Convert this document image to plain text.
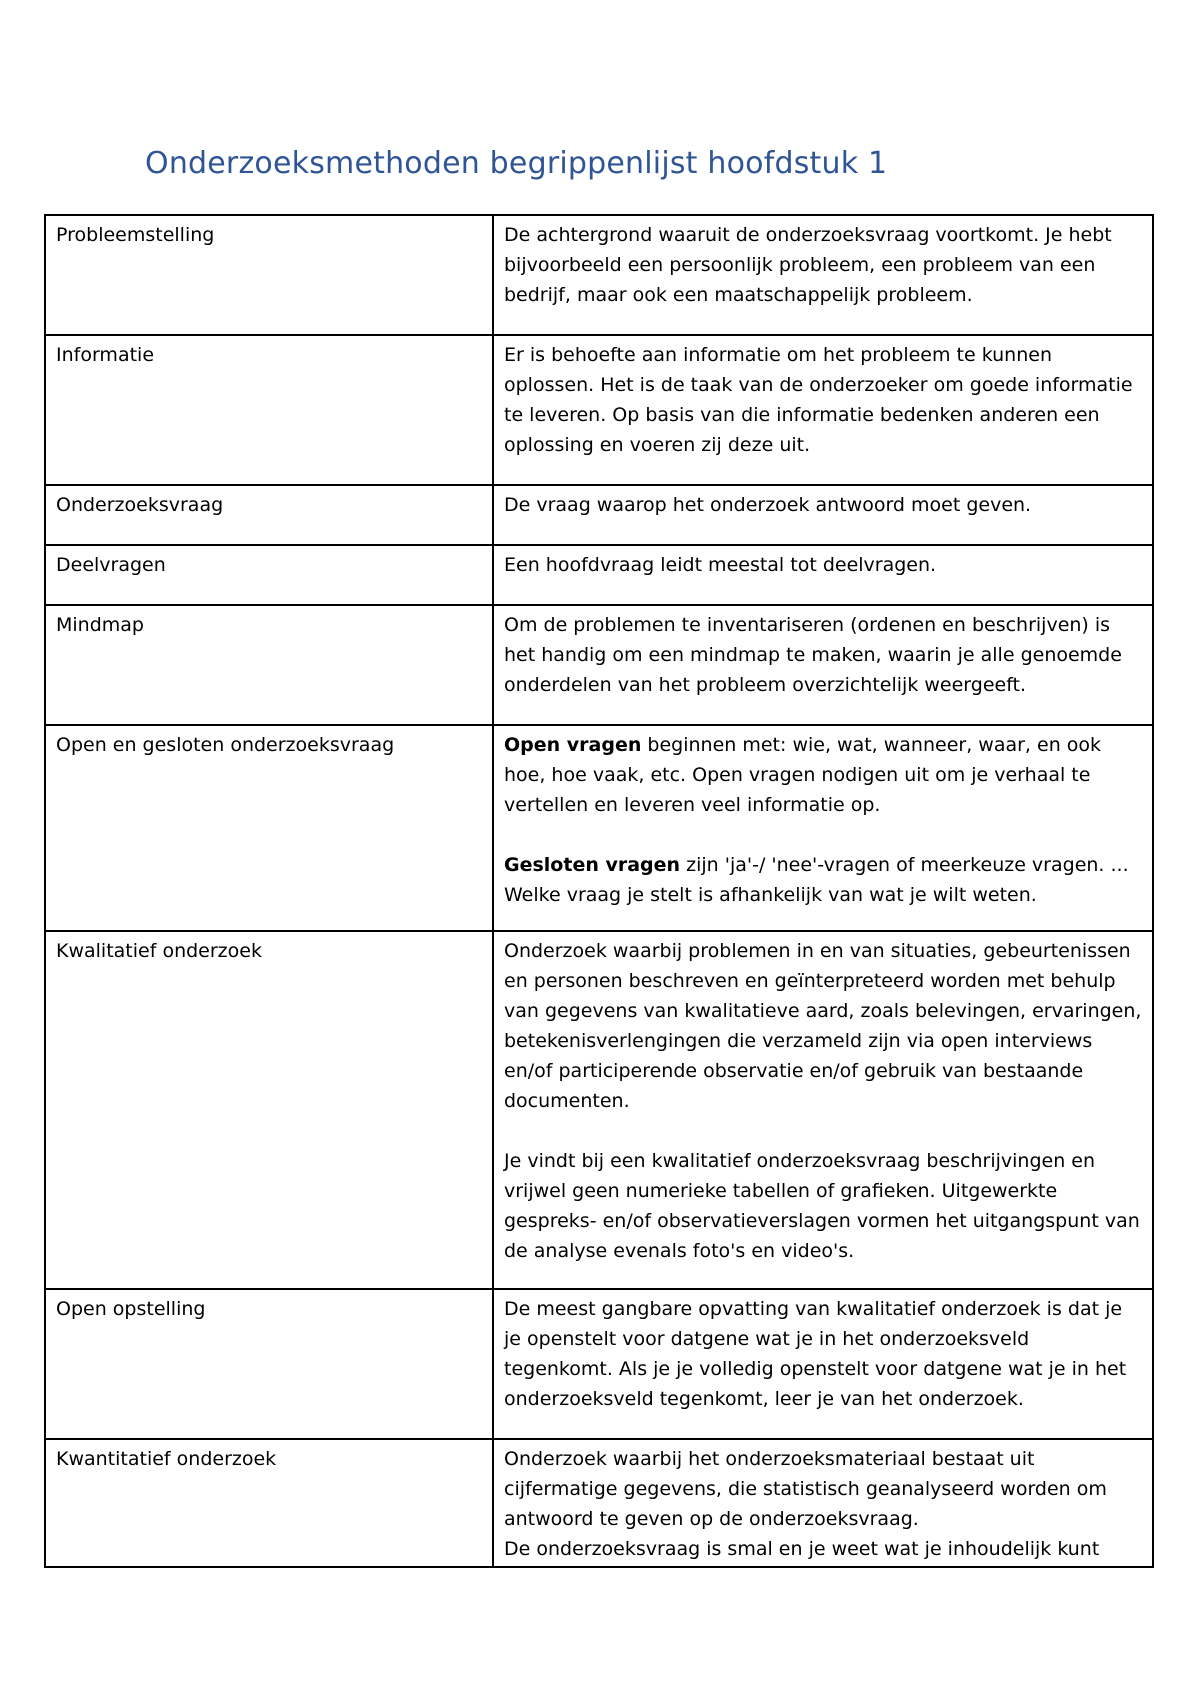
Onderzoeksmethoden begrippenlijst hoofdstuk 1
Probleemstelling	De achtergrond waaruit de onderzoeksvraag voortkomt. Je hebt bijvoorbeeld een persoonlijk probleem, een probleem van een bedrijf, maar ook een maatschappelijk probleem.

Informatie	Er is behoefte aan informatie om het probleem te kunnen oplossen. Het is de taak van de onderzoeker om goede informatie te leveren. Op basis van die informatie bedenken anderen een oplossing en voeren zij deze uit.

Onderzoeksvraag	De vraag waarop het onderzoek antwoord moet geven.

Deelvragen	Een hoofdvraag leidt meestal tot deelvragen.

Mindmap	Om de problemen te inventariseren (ordenen en beschrijven) is het handig om een mindmap te maken, waarin je alle genoemde onderdelen van het probleem overzichtelijk weergeeft.

Open en gesloten onderzoeksvraag	Open vragen beginnen met: wie, wat, wanneer, waar, en ook hoe, hoe vaak, etc. Open vragen nodigen uit om je verhaal te vertellen en leveren veel informatie op.

Gesloten vragen zijn 'ja'-/ 'nee'-vragen of meerkeuze vragen. ... Welke vraag je stelt is afhankelijk van wat je wilt weten.

Kwalitatief onderzoek	Onderzoek waarbij problemen in en van situaties, gebeurtenissen en personen beschreven en geïnterpreteerd worden met behulp van gegevens van kwalitatieve aard, zoals belevingen, ervaringen, betekenisverlengingen die verzameld zijn via open interviews en/of participerende observatie en/of gebruik van bestaande documenten.

Je vindt bij een kwalitatief onderzoeksvraag beschrijvingen en vrijwel geen numerieke tabellen of grafieken. Uitgewerkte gespreks- en/of observatieverslagen vormen het uitgangspunt van de analyse evenals foto's en video's.

Open opstelling	De meest gangbare opvatting van kwalitatief onderzoek is dat je je openstelt voor datgene wat je in het onderzoeksveld tegenkomt. Als je je volledig openstelt voor datgene wat je in het onderzoeksveld tegenkomt, leer je van het onderzoek.

Kwantitatief onderzoek	Onderzoek waarbij het onderzoeksmateriaal bestaat uit cijfermatige gegevens, die statistisch geanalyseerd worden om antwoord te geven op de onderzoeksvraag.

De onderzoeksvraag is smal en je weet wat je inhoudelijk kunt
